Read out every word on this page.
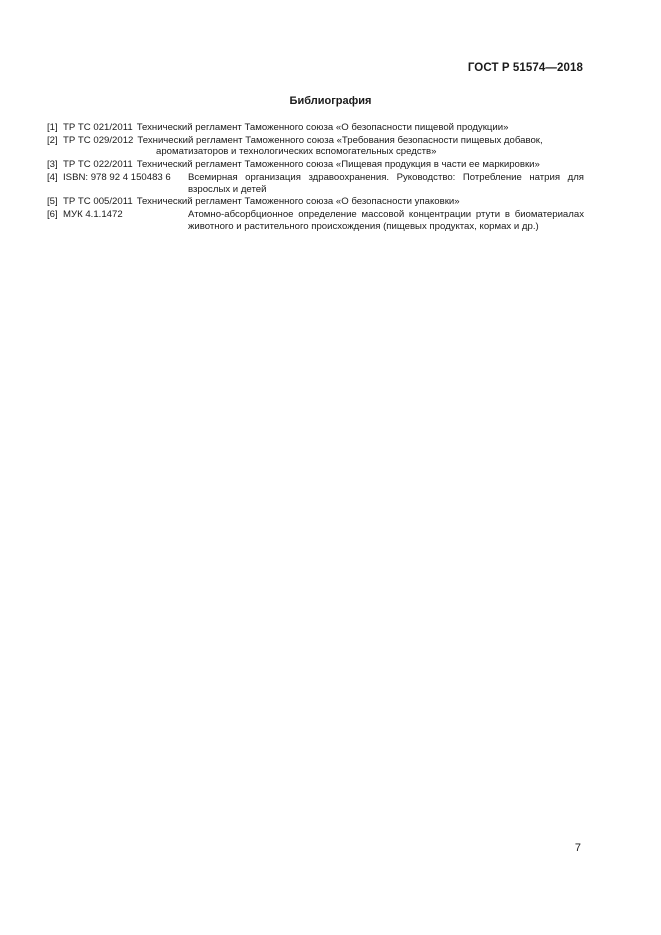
ГОСТ Р 51574—2018
Библиография
[1] ТР ТС 021/2011 Технический регламент Таможенного союза «О безопасности пищевой продукции»
[2] ТР ТС 029/2012 Технический регламент Таможенного союза «Требования безопасности пищевых добавок,
ароматизаторов и технологических вспомогательных средств»
[3] ТР ТС 022/2011 Технический регламент Таможенного союза «Пищевая продукция в части ее маркировки»
[4] ISBN: 978 92 4 150483 6	Всемирная организация здравоохранения. Руководство: Потребление натрия для взрослых и детей
[5] ТР ТС 005/2011 Технический регламент Таможенного союза «О безопасности упаковки»
[6] МУК 4.1.1472	Атомно-абсорбционное определение массовой концентрации ртути в биоматериалах животного и растительного происхождения (пищевых продуктах, кормах и др.)
7
